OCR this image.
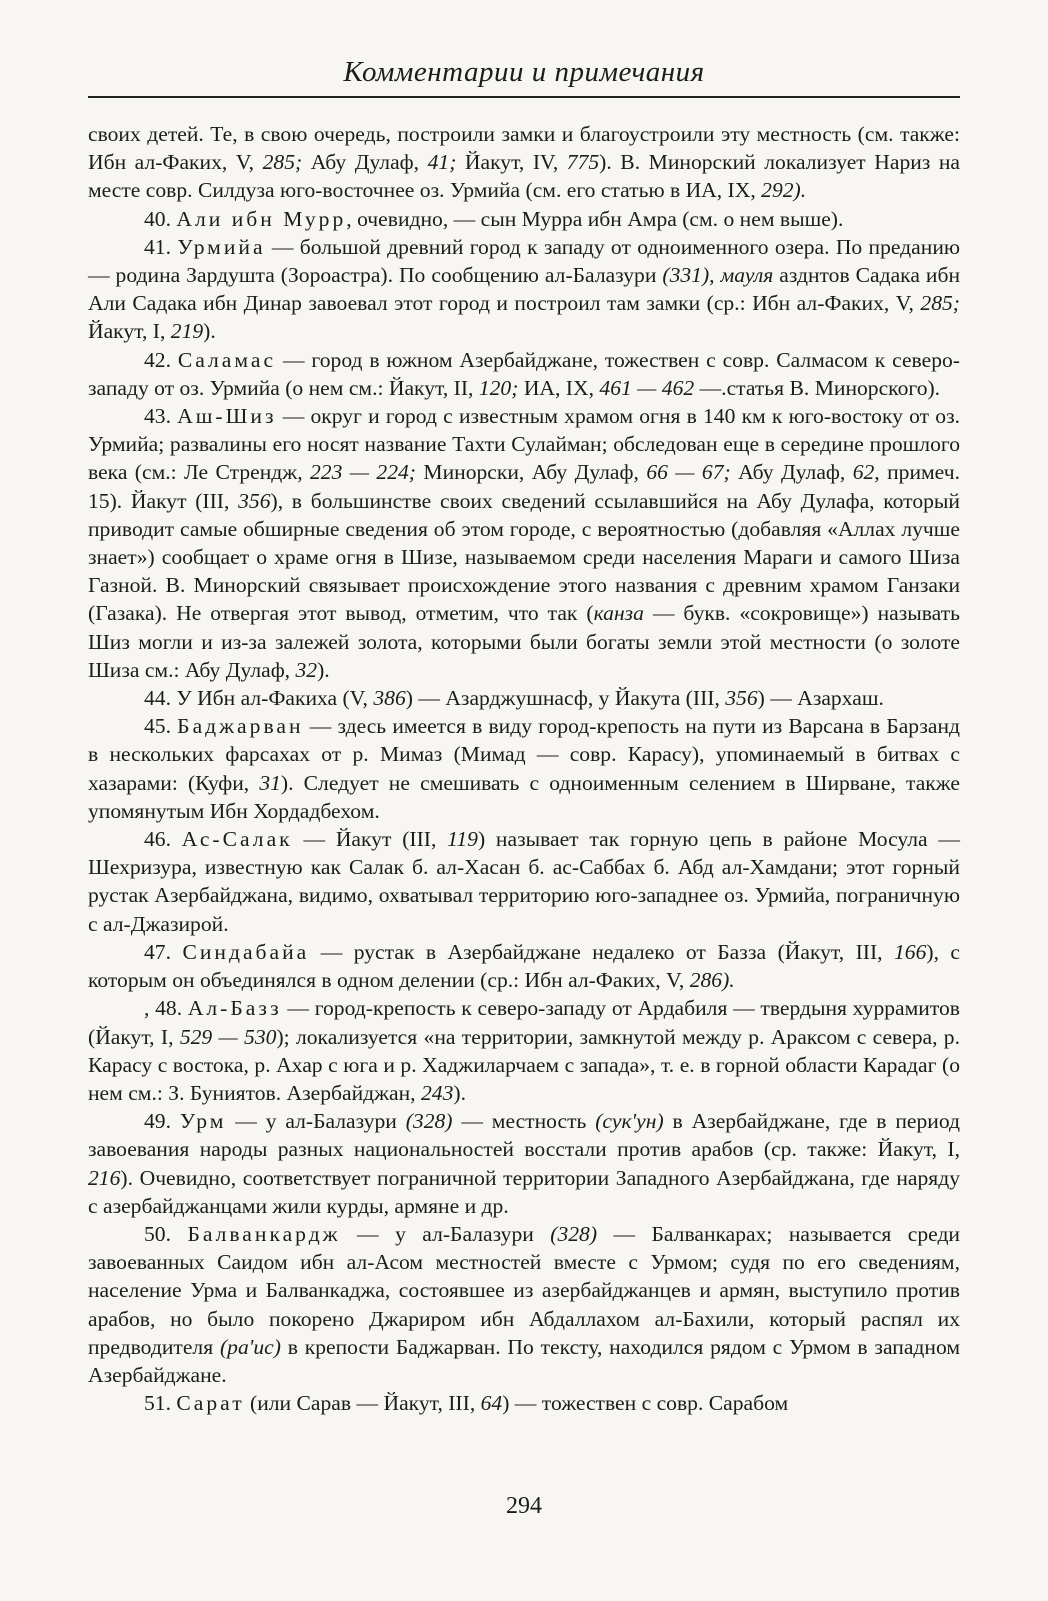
Комментарии и примечания

своих детей. Те, в свою очередь, построили замки и благоустроили эту местность (см. также: Ибн ал-Факих, V, 285; Абу Дулаф, 41; Йакут, IV, 775). В. Минорский локализует Нариз на месте совр. Силдуза юго-восточнее оз. Урмийа (см. его статью в ИА, IX, 292).

40. Али ибн Мурр, очевидно, — сын Мурра ибн Амра (см. о нем выше).

41. Урмийа — большой древний город к западу от одноименного озера. По преданию — родина Зардушта (Зороастра). По сообщению ал-Балазури (331), мауля азднтов Садака ибн Али Садака ибн Динар завоевал этот город и построил там замки (ср.: Ибн ал-Факих, V, 285; Йакут, I, 219).

42. Саламас — город в южном Азербайджане, тожествен с совр. Салмасом к северо-западу от оз. Урмийа (о нем см.: Йакут, II, 120; ИА, IX, 461 — 462 —.статья В. Минорского).

43. Аш-Шиз — округ и город с известным храмом огня в 140 км к юго-востоку от оз. Урмийа; развалины его носят название Тахти Сулайман; обследован еще в середине прошлого века (см.: Ле Стрендж, 223 — 224; Минорски, Абу Дулаф, 66 — 67; Абу Дулаф, 62, примеч. 15). Йакут (III, 356), в большинстве своих сведений ссылавшийся на Абу Дулафа, который приводит самые обширные сведения об этом городе, с вероятностью (добавляя «Аллах лучше знает») сообщает о храме огня в Шизе, называемом среди населения Мараги и самого Шиза Газной. В. Минорский связывает происхождение этого названия с древним храмом Ганзаки (Газака). Не отвергая этот вывод, отметим, что так (канза — букв. «сокровище») называть Шиз могли и из-за залежей золота, которыми были богаты земли этой местности (о золоте Шиза см.: Абу Дулаф, 32).

44. У Ибн ал-Факиха (V, 386) — Азарджушнасф, у Йакута (III, 356) — Азархаш.

45. Баджарван — здесь имеется в виду город-крепость на пути из Варсана в Барзанд в нескольких фарсахах от р. Мимаз (Мимад — совр. Карасу), упоминаемый в битвах с хазарами: (Куфи, 31). Следует не смешивать с одноименным селением в Ширване, также упомянутым Ибн Хордадбехом.

46. Ас-Салак — Йакут (III, 119) называет так горную цепь в районе Мосула — Шехризура, известную как Салак б. ал-Хасан б. ас-Саббах б. Абд ал-Хамдани; этот горный рустак Азербайджана, видимо, охватывал территорию юго-западнее оз. Урмийа, пограничную с ал-Джазирой.

47. Синдабайа — рустак в Азербайджане недалеко от Базза (Йакут, III, 166), с которым он объединялся в одном делении (ср.: Ибн ал-Факих, V, 286).

, 48. Ал-Базз — город-крепость к северо-западу от Ардабиля — твердыня хуррамитов (Йакут, I, 529 — 530); локализуется «на территории, замкнутой между р. Араксом с севера, р. Карасу с востока, р. Ахар с юга и р. Хаджиларчаем с запада», т. е. в горной области Карадаг (о нем см.: З. Буниятов. Азербайджан, 243).

49. Урм — у ал-Балазури (328) — местность (сук'ун) в Азербайджане, где в период завоевания народы разных национальностей восстали против арабов (ср. также: Йакут, I, 216). Очевидно, соответствует пограничной территории Западного Азербайджана, где наряду с азербайджанцами жили курды, армяне и др.

50. Балванкардж — у ал-Балазури (328) — Балванкарах; называется среди завоеванных Саидом ибн ал-Асом местностей вместе с Урмом; судя по его сведениям, население Урма и Балванкаджа, состоявшее из азербайджанцев и армян, выступило против арабов, но было покорено Джариром ибн Абдаллахом ал-Бахили, который распял их предводителя (ра'ис) в крепости Баджарван. По тексту, находился рядом с Урмом в западном Азербайджане.

51. Сарат (или Сарав — Йакут, III, 64) — тожествен с совр. Сарабом

294
